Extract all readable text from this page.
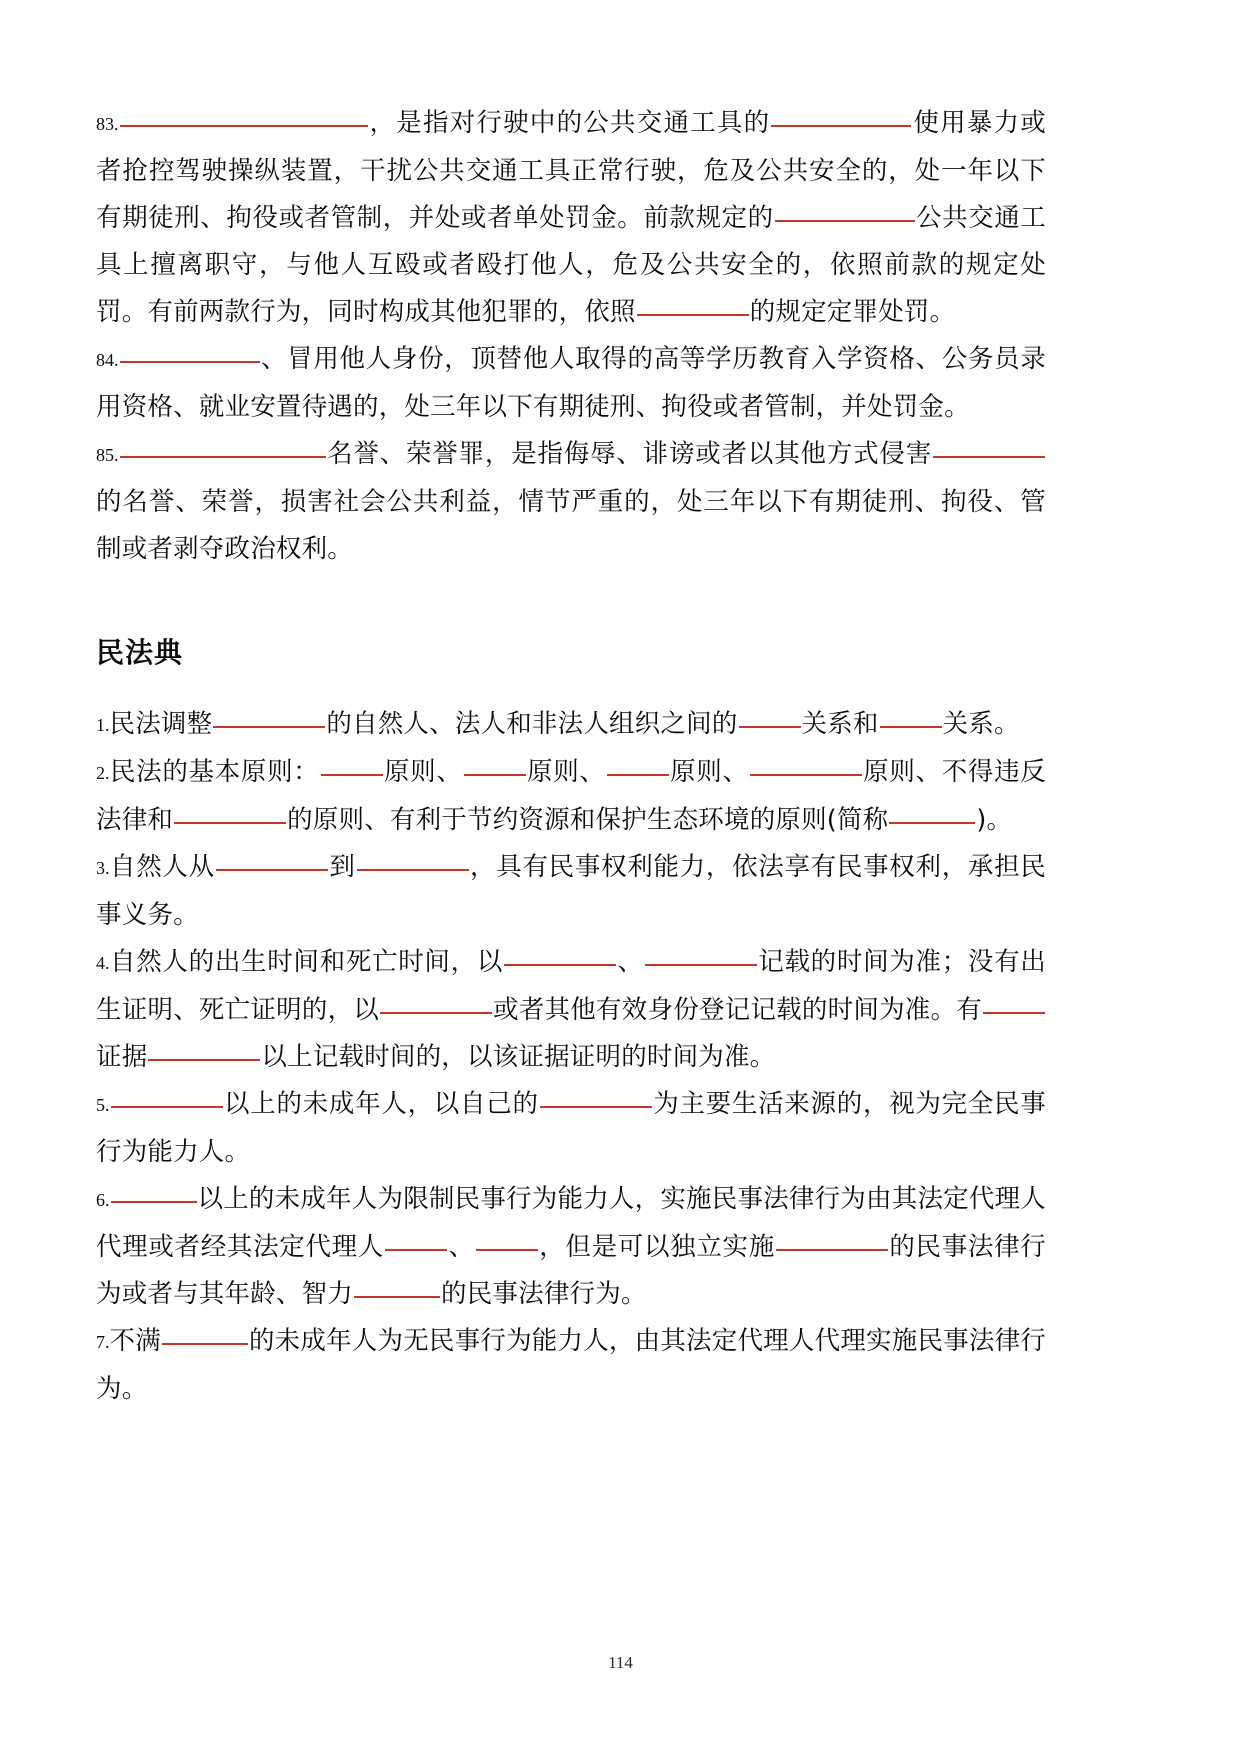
83.	，是指对行驶中的公共交通工具的	使用暴力或者抢控驾驶操纵装置，干扰公共交通工具正常行驶，危及公共安全的，处一年以下有期徒刑、拘役或者管制，并处或者单处罚金。前款规定的	公共交通工具上擅离职守，与他人互殴或者殴打他人，危及公共安全的，依照前款的规定处罚。有前两款行为，同时构成其他犯罪的，依照	的规定定罪处罚。
84.	、冒用他人身份，顶替他人取得的高等学历教育入学资格、公务员录用资格、就业安置待遇的，处三年以下有期徒刑、拘役或者管制，并处罚金。
85.	名誉、荣誉罪，是指侮辱、诽谤或者以其他方式侵害的名誉、荣誉，损害社会公共利益，情节严重的，处三年以下有期徒刑、拘役、管制或者剥夺政治权利。
民法典
1.民法调整	的自然人、法人和非法人组织之间的	关系和	关系。
2.民法的基本原则：	原则、	原则、	原则、	原则、不得违反法律和	的原则、有利于节约资源和保护生态环境的原则(简称	)。
3.自然人从	到	，具有民事权利能力，依法享有民事权利，承担民事义务。
4.自然人的出生时间和死亡时间，以	、	记载的时间为准；没有出生证明、死亡证明的，以	或者其他有效身份登记记载的时间为准。有证据	以上记载时间的，以该证据证明的时间为准。
5.	以上的未成年人，以自己的	为主要生活来源的，视为完全民事行为能力人。
6.	以上的未成年人为限制民事行为能力人，实施民事法律行为由其法定代理人代理或者经其法定代理人	、	，但是可以独立实施	的民事法律行为或者与其年龄、智力	的民事法律行为。
7.不满	的未成年人为无民事行为能力人，由其法定代理人代理实施民事法律行为。
114
